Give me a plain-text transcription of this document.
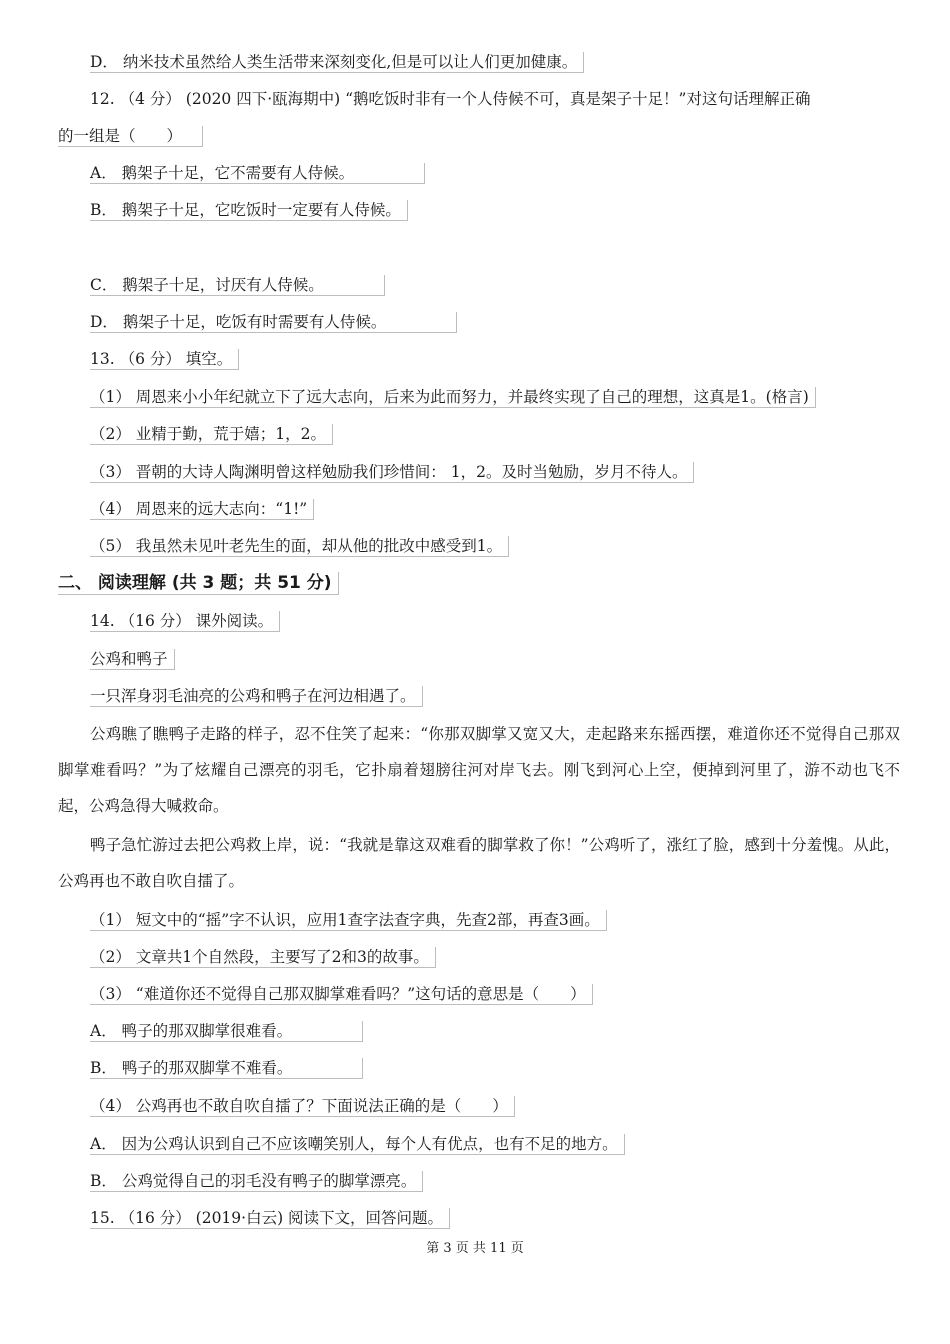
D． 纳米技术虽然给人类生活带来深刻变化,但是可以让人们更加健康。
12. （4 分） (2020 四下·瓯海期中) “鹅吃饭时非有一个人侍候不可，真是架子十足！”对这句话理解正确
的一组是（　　）
A． 鹅架子十足，它不需要有人侍候。
B． 鹅架子十足，它吃饭时一定要有人侍候。
C． 鹅架子十足，讨厌有人侍候。
D． 鹅架子十足，吃饭有时需要有人侍候。
13. （6 分） 填空。
（1） 周恩来小小年纪就立下了远大志向，后来为此而努力，并最终实现了自己的理想，这真是1。(格言)
（2） 业精于勤，荒于嬉；1，2。
（3） 晋朝的大诗人陶渊明曾这样勉励我们珍惜间： 1，2。及时当勉励，岁月不待人。
（4） 周恩来的远大志向：“1!”
（5） 我虽然未见叶老先生的面，却从他的批改中感受到1。
二、 阅读理解 (共 3 题；共 51 分)
14. （16 分） 课外阅读。
公鸡和鸭子
一只浑身羽毛油亮的公鸡和鸭子在河边相遇了。
公鸡瞧了瞧鸭子走路的样子，忍不住笑了起来：“你那双脚掌又宽又大，走起路来东摇西摆，难道你还不觉得自己那双脚掌难看吗？”为了炫耀自己漂亮的羽毛，它扑扇着翅膀往河对岸飞去。刚飞到河心上空，便掉到河里了，游不动也飞不起，公鸡急得大喊救命。
鸭子急忙游过去把公鸡救上岸，说：“我就是靠这双难看的脚掌救了你！”公鸡听了，涨红了脸，感到十分羞愧。从此，公鸡再也不敢自吹自擂了。
（1） 短文中的“摇”字不认识，应用1查字法查字典，先查2部，再查3画。
（2） 文章共1个自然段，主要写了2和3的故事。
（3） “难道你还不觉得自己那双脚掌难看吗？”这句话的意思是（　　）
A． 鸭子的那双脚掌很难看。
B． 鸭子的那双脚掌不难看。
（4） 公鸡再也不敢自吹自擂了？下面说法正确的是（　　）
A． 因为公鸡认识到自己不应该嘲笑别人，每个人有优点，也有不足的地方。
B． 公鸡觉得自己的羽毛没有鸭子的脚掌漂亮。
15. （16 分） (2019·白云) 阅读下文，回答问题。
第 3 页 共 11 页
